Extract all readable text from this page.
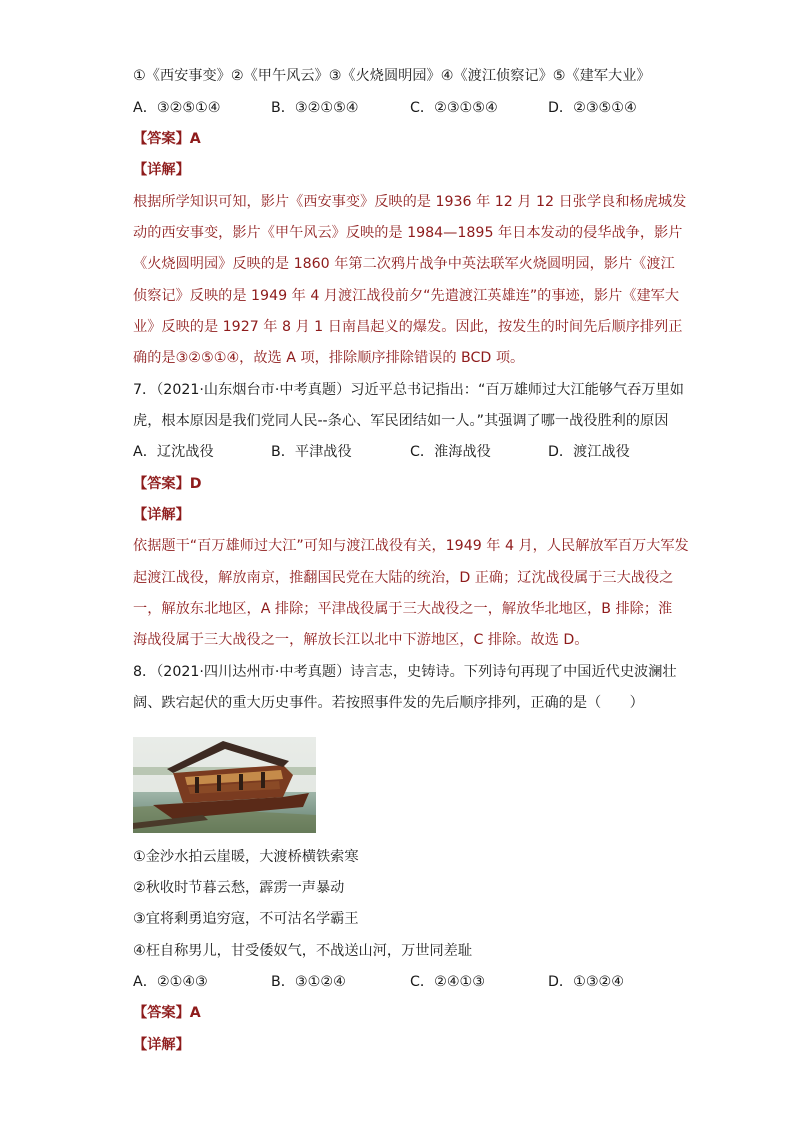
①《西安事变》②《甲午风云》③《火烧圆明园》④《渡江侦察记》⑤《建军大业》
A．③②⑤①④	B．③②①⑤④	C．②③①⑤④	D．②③⑤①④
【答案】A
【详解】
根据所学知识可知，影片《西安事变》反映的是 1936 年 12 月 12 日张学良和杨虎城发
动的西安事变，影片《甲午风云》反映的是 1984—1895 年日本发动的侵华战争，影片
《火烧圆明园》反映的是 1860 年第二次鸦片战争中英法联军火烧圆明园，影片《渡江
侦察记》反映的是 1949 年 4 月渡江战役前夕“先遣渡江英雄连”的事迹，影片《建军大
业》反映的是 1927 年 8 月 1 日南昌起义的爆发。因此，按发生的时间先后顺序排列正
确的是③②⑤①④，故选 A 项，排除顺序排除错误的 BCD 项。
7．（2021·山东烟台市·中考真题）习近平总书记指出：“百万雄师过大江能够气吞万里如
虎，根本原因是我们党同人民--条心、军民团结如一人。”其强调了哪一战役胜利的原因
A．辽沈战役	B．平津战役	C．淮海战役	D．渡江战役
【答案】D
【详解】
依据题干“百万雄师过大江”可知与渡江战役有关，1949 年 4 月，人民解放军百万大军发
起渡江战役，解放南京，推翻国民党在大陆的统治，D 正确；辽沈战役属于三大战役之
一，解放东北地区，A 排除；平津战役属于三大战役之一，解放华北地区，B 排除；淮
海战役属于三大战役之一，解放长江以北中下游地区，C 排除。故选 D。
8．（2021·四川达州市·中考真题）诗言志，史铸诗。下列诗句再现了中国近代史波澜壮
阔、跌宕起伏的重大历史事件。若按照事件发的先后顺序排列，正确的是（　　）
①金沙水拍云崖暖，大渡桥横铁索寒
②秋收时节暮云愁，霹雳一声暴动
③宜将剩勇追穷寇，不可沽名学霸王
④枉自称男儿，甘受倭奴气，不战送山河，万世同差耻
A．②①④③	B．③①②④	C．②④①③	D．①③②④
【答案】A
【详解】
